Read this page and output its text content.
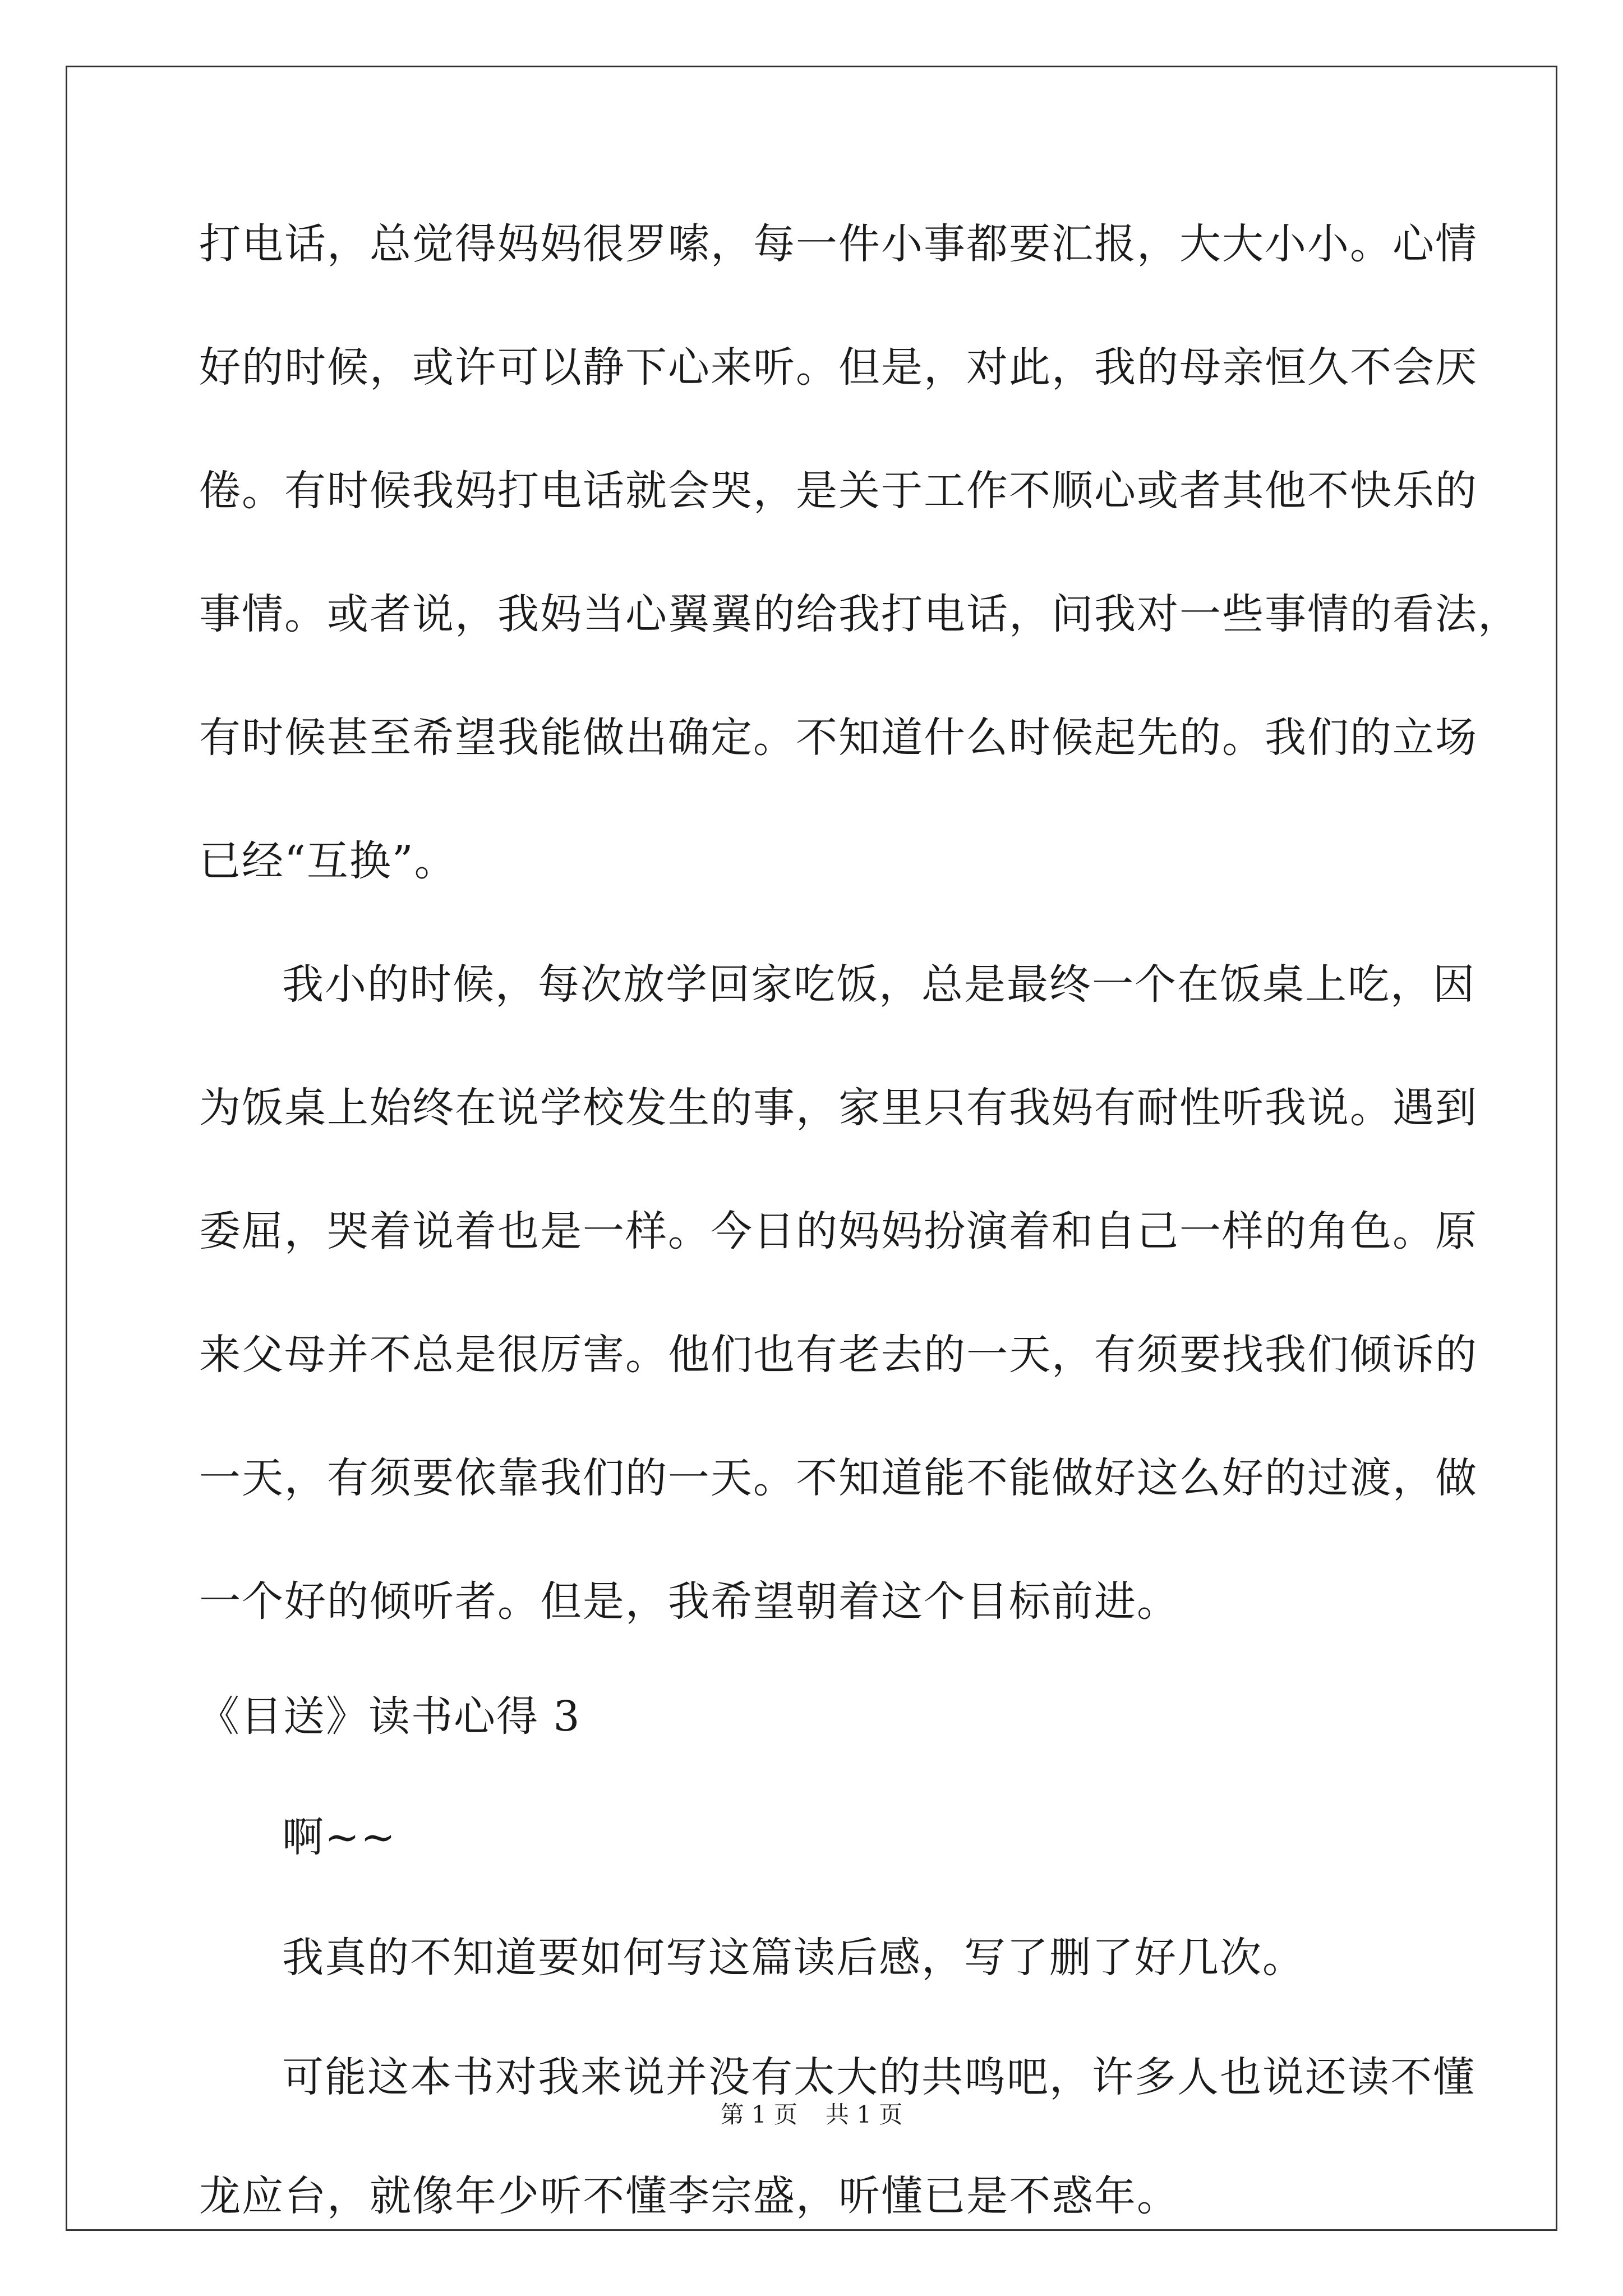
打电话，总觉得妈妈很罗嗦，每一件小事都要汇报，大大小小。心情
好的时候，或许可以静下心来听。但是，对此，我的母亲恒久不会厌
倦。有时候我妈打电话就会哭，是关于工作不顺心或者其他不快乐的
事情。或者说，我妈当心翼翼的给我打电话，问我对一些事情的看法，
有时候甚至希望我能做出确定。不知道什么时候起先的。我们的立场
已经“互换”。
我小的时候，每次放学回家吃饭，总是最终一个在饭桌上吃，因
为饭桌上始终在说学校发生的事，家里只有我妈有耐性听我说。遇到
委屈，哭着说着也是一样。今日的妈妈扮演着和自己一样的角色。原
来父母并不总是很厉害。他们也有老去的一天，有须要找我们倾诉的
一天，有须要依靠我们的一天。不知道能不能做好这么好的过渡，做
一个好的倾听者。但是，我希望朝着这个目标前进。
《目送》读书心得 3
啊~~
我真的不知道要如何写这篇读后感，写了删了好几次。
可能这本书对我来说并没有太大的共鸣吧，许多人也说还读不懂
龙应台，就像年少听不懂李宗盛，听懂已是不惑年。
第 1 页 共 1 页
